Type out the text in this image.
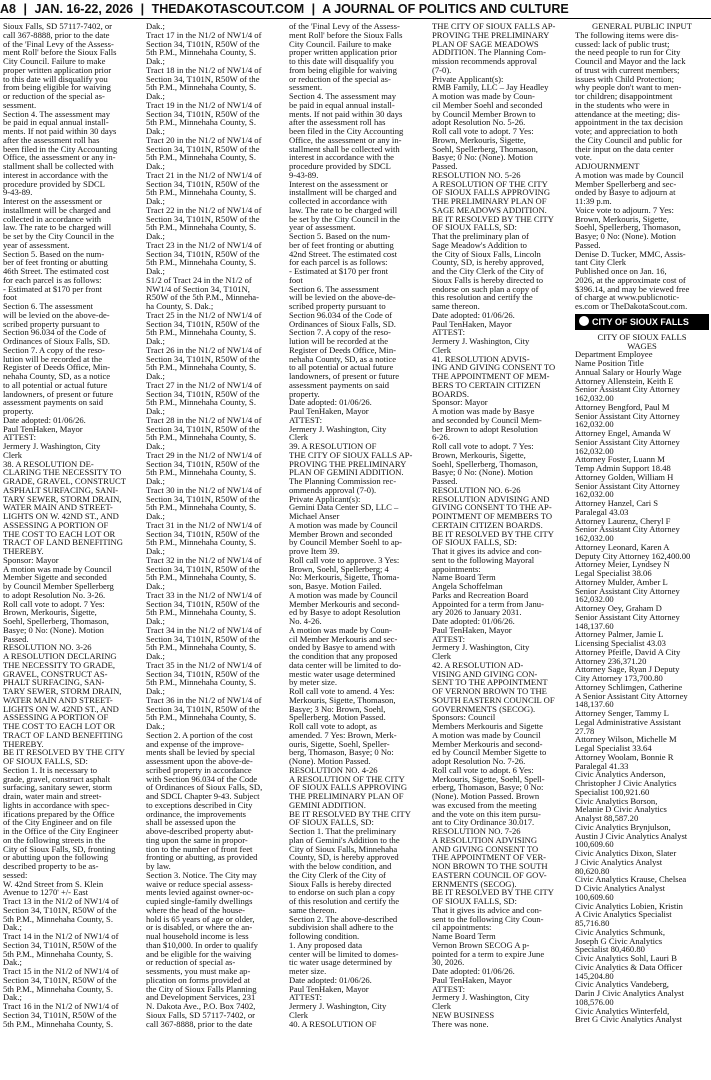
A8 | JAN. 16-22, 2026 | THEDAKOTASCOUT.COM | A JOURNAL OF POLITICS AND CULTURE

Sioux Falls, SD 57117-7402, or

call 367-8888, prior to the date

of the 'Final Levy of the Assess-

ment Roll' before the Sioux Falls

City Council. Failure to make

proper written application prior

to this date will disqualify you

from being eligible for waiving

or reduction of the special as-

sessment.

Section 4. The assessment may

be paid in equal annual install-

ments. If not paid within 30 days

after the assessment roll has

been filed in the City Accounting

Office, the assessment or any in-

stallment shall be collected with

interest in accordance with the

procedure provided by SDCL

9-43-89.

Interest on the assessment or

installment will be charged and

collected in accordance with

law. The rate to be charged will

be set by the City Council in the

year of assessment.

Section 5. Based on the num-

ber of feet fronting or abutting

46th Street. The estimated cost

for each parcel is as follows:

- Estimated at $170 per front

foot

Section 6. The assessment

will be levied on the above-de-

scribed property pursuant to

Section 96.034 of the Code of

Ordinances of Sioux Falls, SD.

Section 7. A copy of the reso-

lution will be recorded at the

Register of Deeds Office, Min-

nehaha County, SD, as a notice

to all potential or actual future

landowners, of present or future

assessment payments on said

property.

Date adopted: 01/06/26.

Paul TenHaken, Mayor

ATTEST:

Jermery J. Washington, City

Clerk

38. A RESOLUTION DE-

CLARING THE NECESSITY TO

GRADE, GRAVEL, CONSTRUCT

ASPHALT SURFACING, SANI-

TARY SEWER, STORM DRAIN,

WATER MAIN AND STREET-

LIGHTS ON W. 42ND ST., AND

ASSESSING A PORTION OF

THE COST TO EACH LOT OR

TRACT OF LAND BENEFITING

THEREBY.

Sponsor: Mayor

A motion was made by Council

Member Sigette and seconded

by Council Member Spellerberg

to adopt Resolution No. 3-26.

Roll call vote to adopt. 7 Yes:

Brown, Merkouris, Sigette,

Soehl, Spellerberg, Thomason,

Basye; 0 No: (None). Motion

Passed.

RESOLUTION NO. 3-26

A RESOLUTION DECLARING

THE NECESSITY TO GRADE,

GRAVEL, CONSTRUCT AS-

PHALT SURFACING, SAN-

TARY SEWER, STORM DRAIN,

WATER MAIN AND STREET-

LIGHTS ON W. 42ND ST., AND

ASSESSING A PORTION OF

THE COST TO EACH LOT OR

TRACT OF LAND BENEFITING

THEREBY.

BE IT RESOLVED BY THE CITY

OF SIOUX FALLS, SD:

Section 1. It is necessary to

grade, gravel, construct asphalt

surfacing, sanitary sewer, storm

drain, water main and street-

lights in accordance with spec-

ifications prepared by the Office

of the City Engineer and on file

in the Office of the City Engineer

on the following streets in the

City of Sioux Falls, SD, fronting

or abutting upon the following

described property to be as-

sessed:

W. 42nd Street from S. Klein

Avenue to 1270' +/- East

Tract 13 in the N1/2 of NW1/4 of

Section 34, T101N, R50W of the

5th P.M., Minnehaha County, S.

Dak.;

Tract 14 in the N1/2 of NW1/4 of

Section 34, T101N, R50W of the

5th P.M., Minnehaha County, S.

Dak.;

Tract 15 in the N1/2 of NW1/4 of

Section 34, T101N, R50W of the

5th P.M., Minnehaha County, S.

Dak.;

Tract 16 in the N1/2 of NW1/4 of

Section 34, T101N, R50W of the

5th P.M., Minnehaha County, S.

Dak.;

Tract 17 in the N1/2 of NW1/4 of

Section 34, T101N, R50W of the

5th P.M., Minnehaha County, S.

Dak.;

Tract 18 in the N1/2 of NW1/4 of

Section 34, T101N, R50W of the

5th P.M., Minnehaha County, S.

Dak.;

Tract 19 in the N1/2 of NW1/4 of

Section 34, T101N, R50W of the

5th P.M., Minnehaha County, S.

Dak.;

Tract 20 in the N1/2 of NW1/4 of

Section 34, T101N, R50W of the

5th P.M., Minnehaha County, S.

Dak.;

Tract 21 in the N1/2 of NW1/4 of

Section 34, T101N, R50W of the

5th P.M., Minnehaha County, S.

Dak.;

Tract 22 in the N1/2 of NW1/4 of

Section 34, T101N, R50W of the

5th P.M., Minnehaha County, S.

Dak.;

Tract 23 in the N1/2 of NW1/4 of

Section 34, T101N, R50W of the

5th P.M., Minnehaha County, S.

Dak.;

S1/2 of Tract 24 in the N1/2 of

NW1/4 of Section 34, T101N,

R50W of the 5th P.M., Minneha-

ha County, S. Dak.;

Tract 25 in the N1/2 of NW1/4 of

Section 34, T101N, R50W of the

5th P.M., Minnehaha County, S.

Dak.;

Tract 26 in the N1/2 of NW1/4 of

Section 34, T101N, R50W of the

5th P.M., Minnehaha County, S.

Dak.;

Tract 27 in the N1/2 of NW1/4 of

Section 34, T101N, R50W of the

5th P.M., Minnehaha County, S.

Dak.;

Tract 28 in the N1/2 of NW1/4 of

Section 34, T101N, R50W of the

5th P.M., Minnehaha County, S.

Dak.;

Tract 29 in the N1/2 of NW1/4 of

Section 34, T101N, R50W of the

5th P.M., Minnehaha County, S.

Dak.;

Tract 30 in the N1/2 of NW1/4 of

Section 34, T101N, R50W of the

5th P.M., Minnehaha County, S.

Dak.;

Tract 31 in the N1/2 of NW1/4 of

Section 34, T101N, R50W of the

5th P.M., Minnehaha County, S.

Dak.;

Tract 32 in the N1/2 of NW1/4 of

Section 34, T101N, R50W of the

5th P.M., Minnehaha County, S.

Dak.;

Tract 33 in the N1/2 of NW1/4 of

Section 34, T101N, R50W of the

5th P.M., Minnehaha County, S.

Dak.;

Tract 34 in the N1/2 of NW1/4 of

Section 34, T101N, R50W of the

5th P.M., Minnehaha County, S.

Dak.;

Tract 35 in the N1/2 of NW1/4 of

Section 34, T101N, R50W of the

5th P.M., Minnehaha County, S.

Dak.;

Tract 36 in the N1/2 of NW1/4 of

Section 34, T101N, R50W of the

5th P.M., Minnehaha County, S.

Dak.;

Section 2. A portion of the cost

and expense of the improve-

ments shall be levied by special

assessment upon the above-de-

scribed property in accordance

with Section 96.034 of the Code

of Ordinances of Sioux Falls, SD,

and SDCL Chapter 9-43. Subject

to exceptions described in City

ordinance, the improvements

shall be assessed upon the

above-described property abut-

ting upon the same in propor-

tion to the number of front feet

fronting or abutting, as provided

by law.

Section 3. Notice. The City may

waive or reduce special assess-

ments levied against owner-oc-

cupied single-family dwellings

where the head of the house-

hold is 65 years of age or older,

or is disabled, or where the an-

nual household income is less

than $10,000. In order to qualify

and be eligible for the waiving

or reduction of special as-

sessments, you must make ap-

plication on forms provided at

the City of Sioux Falls Planning

and Development Services, 231

N. Dakota Ave., P.O. Box 7402,

Sioux Falls, SD 57117-7402, or

call 367-8888, prior to the date

of the 'Final Levy of the Assess-

ment Roll' before the Sioux Falls

City Council. Failure to make

proper written application prior

to this date will disqualify you

from being eligible for waiving

or reduction of the special as-

sessment.

Section 4. The assessment may

be paid in equal annual install-

ments. If not paid within 30 days

after the assessment roll has

been filed in the City Accounting

Office, the assessment or any in-

stallment shall be collected with

interest in accordance with the

procedure provided by SDCL

9-43-89.

Interest on the assessment or

installment will be charged and

collected in accordance with

law. The rate to be charged will

be set by the City Council in the

year of assessment.

Section 5. Based on the num-

ber of feet fronting or abutting

42nd Street. The estimated cost

for each parcel is as follows:

- Estimated at $170 per front

foot

Section 6. The assessment

will be levied on the above-de-

scribed property pursuant to

Section 96.034 of the Code of

Ordinances of Sioux Falls, SD.

Section 7. A copy of the reso-

lution will be recorded at the

Register of Deeds Office, Min-

nehaha County, SD, as a notice

to all potential or actual future

landowners, of present or future

assessment payments on said

property.

Date adopted: 01/06/26.

Paul TenHaken, Mayor

ATTEST:

Jermery J. Washington, City

Clerk

39. A RESOLUTION OF

THE CITY OF SIOUX FALLS AP-

PROVING THE PRELIMINARY

PLAN OF GEMINI ADDITION.

The Planning Commission rec-

ommends approval (7-0).

Private Applicant(s):

Gemini Data Center SD, LLC –

Michael Anser

A motion was made by Council

Member Brown and seconded

by Council Member Soehl to ap-

prove Item 39.

Roll call vote to approve. 3 Yes:

Brown, Soehl, Spellerberg; 4

No: Merkouris, Sigette, Thoma-

son, Basye. Motion Failed.

A motion was made by Council

Member Merkouris and second-

ed by Basye to adopt Resolution

No. 4-26.

A motion was made by Coun-

cil Member Merkouris and sec-

onded by Basye to amend with

the condition that any proposed

data center will be limited to do-

mestic water usage determined

by meter size.

Roll call vote to amend. 4 Yes:

Merkouris, Sigette, Thomason,

Basye; 3 No: Brown, Soehl,

Spellerberg. Motion Passed.

Roll call vote to adopt, as

amended. 7 Yes: Brown, Merk-

ouris, Sigette, Soehl, Speller-

berg, Thomason, Basye; 0 No:

(None). Motion Passed.

RESOLUTION NO. 4-26

A RESOLUTION OF THE CITY

OF SIOUX FALLS APPROVING

THE PRELIMINARY PLAN OF

GEMINI ADDITION.

BE IT RESOLVED BY THE CITY

OF SIOUX FALLS, SD:

Section 1. That the preliminary

plan of Gemini's Addition to the

City of Sioux Falls, Minnehaha

County, SD, is hereby approved

with the below condition, and

the City Clerk of the City of

Sioux Falls is hereby directed

to endorse on such plan a copy

of this resolution and certify the

same thereon.

Section 2. The above-described

subdivision shall adhere to the

following condition.

1. Any proposed data

center will be limited to domes-

tic water usage determined by

meter size.

Date adopted: 01/06/26.

Paul TenHaken, Mayor

ATTEST:

Jermery J. Washington, City

Clerk

40. A RESOLUTION OF

THE CITY OF SIOUX FALLS AP-

PROVING THE PRELIMINARY

PLAN OF SAGE MEADOWS

ADDITION. The Planning Com-

mission recommends approval

(7-0).

Private Applicant(s):

RMB Family, LLC – Jay Headley

A motion was made by Coun-

cil Member Soehl and seconded

by Council Member Brown to

adopt Resolution No. 5-26.

Roll call vote to adopt. 7 Yes:

Brown, Merkouris, Sigette,

Soehl, Spellerberg, Thomason,

Basye; 0 No: (None). Motion

Passed.

RESOLUTION NO. 5-26

A RESOLUTION OF THE CITY

OF SIOUX FALLS APPROVING

THE PRELIMINARY PLAN OF

SAGE MEADOWS ADDITION.

BE IT RESOLVED BY THE CITY

OF SIOUX FALLS, SD:

That the preliminary plan of

Sage Meadow's Addition to

the City of Sioux Falls, Lincoln

County, SD, is hereby approved,

and the City Clerk of the City of

Sioux Falls is hereby directed to

endorse on such plan a copy of

this resolution and certify the

same thereon.

Date adopted: 01/06/26.

Paul TenHaken, Mayor

ATTEST:

Jermery J. Washington, City

Clerk

41. RESOLUTION ADVIS-

ING AND GIVING CONSENT TO

THE APPOINTMENT OF MEM-

BERS TO CERTAIN CITIZEN

BOARDS.

Sponsor: Mayor

A motion was made by Basye

and seconded by Council Mem-

ber Brown to adopt Resolution

6-26.

Roll call vote to adopt. 7 Yes:

Brown, Merkouris, Sigette,

Soehl, Spellerberg, Thomason,

Basye; 0 No: (None). Motion

Passed.

RESOLUTION NO. 6-26

RESOLUTION ADVISING AND

GIVING CONSENT TO THE AP-

POINTMENT OF MEMBERS TO

CERTAIN CITIZEN BOARDS.

BE IT RESOLVED BY THE CITY

OF SIOUX FALLS, SD:

That it gives its advice and con-

sent to the following Mayoral

appointments:

Name Board Term

Angela Schoffelman

Parks and Recreation Board

Appointed for a term from Janu-

ary 2026 to January 2031.

Date adopted: 01/06/26.

Paul TenHaken, Mayor

ATTEST:

Jermery J. Washington, City

Clerk

42. A RESOLUTION AD-

VISING AND GIVING CON-

SENT TO THE APPOINTMENT

OF VERNON BROWN TO THE

SOUTH EASTERN COUNCIL OF

GOVERNMENTS (SECOG).

Sponsors: Council

Members Merkouris and Sigette

A motion was made by Council

Member Merkouris and second-

ed by Council Member Sigette to

adopt Resolution No. 7-26.

Roll call vote to adopt. 6 Yes:

Merkouris, Sigette, Soehl, Spell-

erberg, Thomason, Basye; 0 No:

(None). Motion Passed. Brown

was excused from the meeting

and the vote on this item pursu-

ant to City Ordinance 30.017.

RESOLUTION NO. 7-26

A RESOLUTION ADVISING

AND GIVING CONSENT TO

THE APPOINTMENT OF VER-

NON BROWN TO THE SOUTH

EASTERN COUNCIL OF GOV-

ERNMENTS (SECOG).

BE IT RESOLVED BY THE CITY

OF SIOUX FALLS, SD:

That it gives its advice and con-

sent to the following City Coun-

cil appointments:

Name Board Term

Vernon Brown SECOG A p-

pointed for a term to expire June

30, 2026.

Date adopted: 01/06/26.

Paul TenHaken, Mayor

ATTEST:

Jermery J. Washington, City

Clerk

NEW BUSINESS

There was none.

GENERAL PUBLIC INPUT

The following items were dis-

cussed: lack of public trust;

the need people to run for City

Council and Mayor and the lack

of trust with current members;

issues with Child Protection;

why people don't want to men-

tor children; disappointment

in the students who were in

attendance at the meeting; dis-

appointment in the tax decision

vote; and appreciation to both

the City Council and public for

their input on the data center

vote.

ADJOURNMENT

A motion was made by Council

Member Spellerberg and sec-

onded by Basye to adjourn at

11:39 p.m.

Voice vote to adjourn. 7 Yes:

Brown, Merkouris, Sigette,

Soehl, Spellerberg, Thomason,

Basye; 0 No: (None). Motion

Passed.

Denise D. Tucker, MMC, Assis-

tant City Clerk

Published once on Jan. 16,

2026, at the approximate cost of

$396.14, and may be viewed free

of charge at www.publicnotic-

es.com or TheDakotaScout.com.

CITY OF SIOUX FALLS

CITY OF SIOUX FALLS

WAGES

Department Employee

Name Position Title

Annual Salary or Hourly Wage

Attorney Allenstein, Keith E

Senior Assistant City Attorney

162,032.00

Attorney Bengford, Paul M

Senior Assistant City Attorney

162,032.00

Attorney Engel, Amanda W

Senior Assistant City Attorney

162,032.00

Attorney Foster, Luann M

Temp Admin Support 18.48

Attorney Golden, William H

Senior Assistant City Attorney

162,032.00

Attorney Hanzel, Cari S

Paralegal 43.03

Attorney Laurenz, Cheryl F

Senior Assistant City Attorney

162,032.00

Attorney Leonard, Karen A

Deputy City Attorney 162,400.00

Attorney Meier, Lyndsey N

Legal Specialist 38.06

Attorney Mulder, Amber L

Senior Assistant City Attorney

162,032.00

Attorney Oey, Graham D

Senior Assistant City Attorney

148,137.60

Attorney Palmer, Jamie L

Licensing Specialist 43.03

Attorney Pfeifle, David A City

Attorney 236,371.20

Attorney Sage, Ryan J Deputy

City Attorney 173,700.80

Attorney Schlimgen, Catherine

A Senior Assistant City Attorney

148,137.60

Attorney Senger, Tammy L

Legal Administrative Assistant

27.78

Attorney Wilson, Michelle M

Legal Specialist 33.64

Attorney Woolam, Bonnie R

Paralegal 41.33

Civic Analytics Anderson,

Christopher J Civic Analytics

Specialist 100,921.60

Civic Analytics Borson,

Melanie D Civic Analytics

Analyst 88,587.20

Civic Analytics Brynjulson,

Austin J Civic Analytics Analyst

100,609.60

Civic Analytics Dixon, Slater

J Civic Analytics Analyst

80,620.80

Civic Analytics Krause, Chelsea

D Civic Analytics Analyst

100,609.60

Civic Analytics Lobien, Kristin

A Civic Analytics Specialist

85,716.80

Civic Analytics Schmunk,

Joseph G Civic Analytics

Specialist 80,460.80

Civic Analytics Sohl, Lauri B

Civic Analytics & Data Officer

145,204.80

Civic Analytics Vandeberg,

Darin J Civic Analytics Analyst

108,576.00

Civic Analytics Winterfeld,

Bret G Civic Analytics Analyst
